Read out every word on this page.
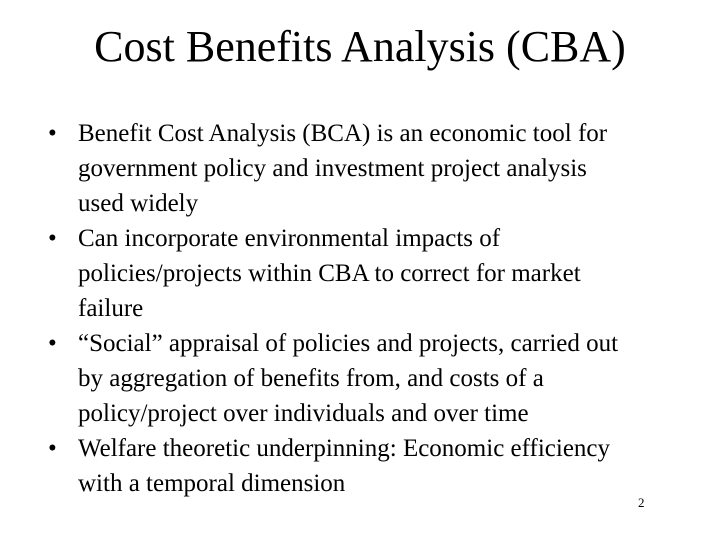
Cost Benefits Analysis (CBA)
• Benefit Cost Analysis (BCA) is an economic tool for
government policy and investment project analysis
used widely
• Can incorporate environmental impacts of
policies/projects within CBA to correct for market
failure
• “Social” appraisal of policies and projects, carried out
by aggregation of benefits from, and costs of a
policy/project over individuals and over time
• Welfare theoretic underpinning: Economic efficiency
with a temporal dimension
2
